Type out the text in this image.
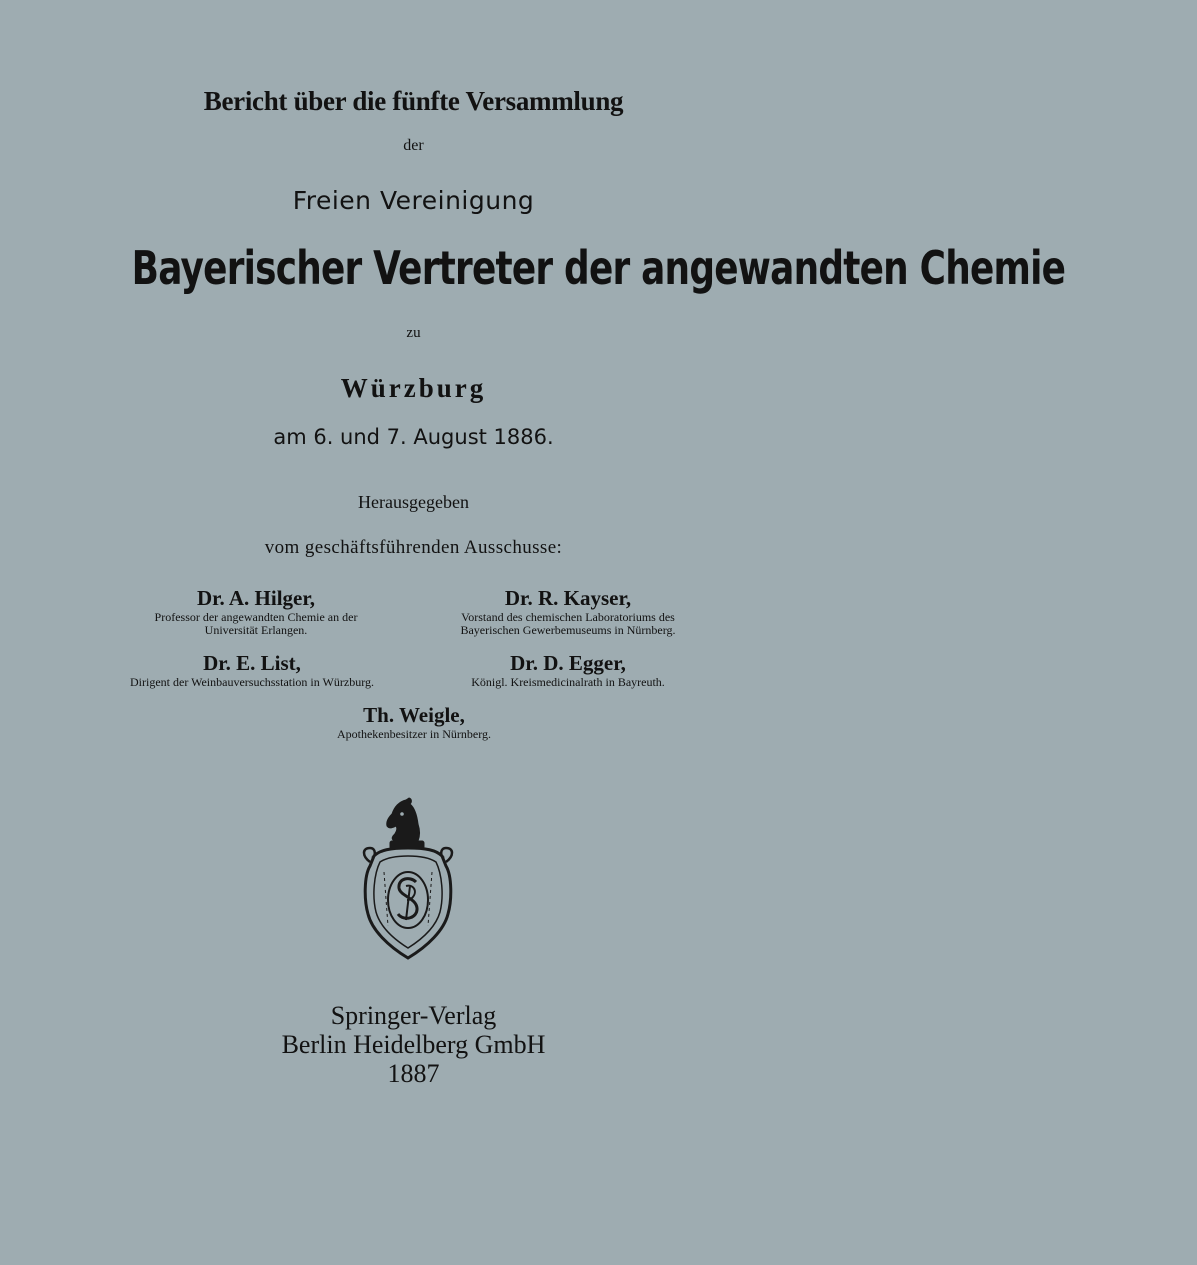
Bericht über die fünfte Versammlung

der

Freien Vereinigung

Bayerischer Vertreter der angewandten Chemie

zu

Würzburg

am 6. und 7. August 1886.

Herausgegeben

vom geschäftsführenden Ausschusse:

Dr. A. Hilger,
Professor der angewandten Chemie an der
Universität Erlangen.
Dr. R. Kayser,
Vorstand des chemischen Laboratoriums des
Bayerischen Gewerbemuseums in Nürnberg.
Dr. E. List,
Dirigent der Weinbauversuchsstation in Würzburg.
Dr. D. Egger,
Königl. Kreismedicinalrath in Bayreuth.
Th. Weigle,
Apothekenbesitzer in Nürnberg.
Springer-Verlag
Berlin Heidelberg GmbH
1887
